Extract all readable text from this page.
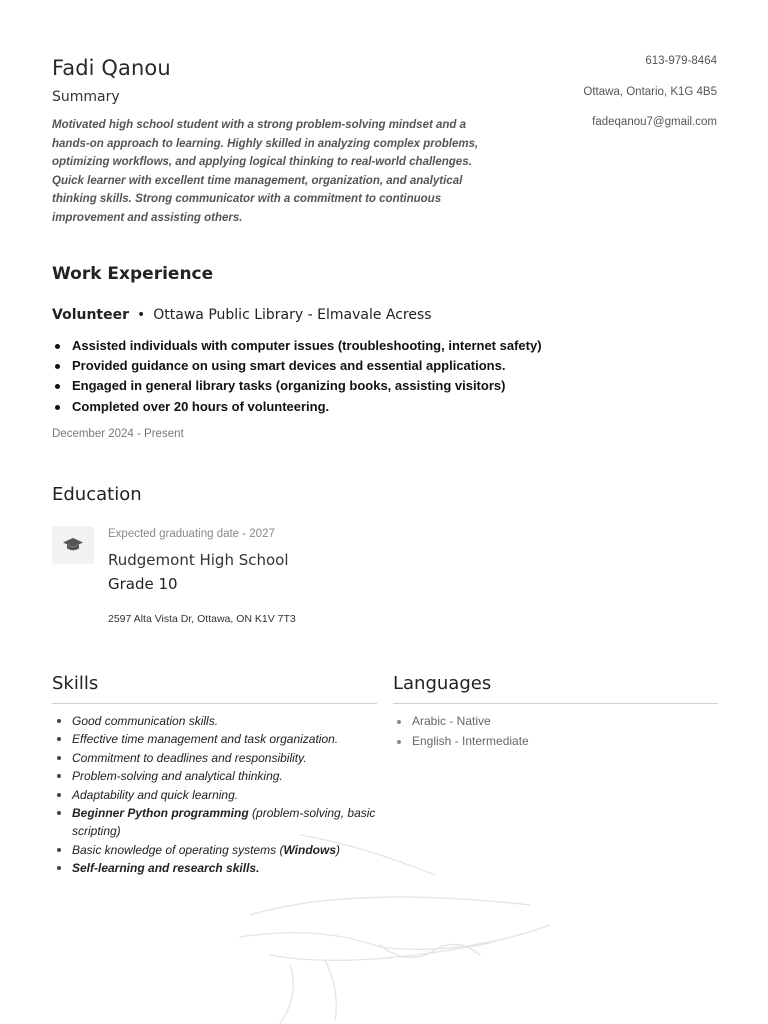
Fadi Qanou
Summary
Motivated high school student with a strong problem-solving mindset and a hands-on approach to learning. Highly skilled in analyzing complex problems, optimizing workflows, and applying logical thinking to real-world challenges. Quick learner with excellent time management, organization, and analytical thinking skills. Strong communicator with a commitment to continuous improvement and assisting others.
613-979-8464
Ottawa, Ontario, K1G 4B5
fadeqanou7@gmail.com
Work Experience
Volunteer • Ottawa Public Library - Elmavale Acress
Assisted individuals with computer issues (troubleshooting, internet safety)
Provided guidance on using smart devices and essential applications.
Engaged in general library tasks (organizing books, assisting visitors)
Completed over 20 hours of volunteering.
December 2024 - Present
Education
Expected graduating date - 2027
Rudgemont High School
Grade 10
2597 Alta Vista Dr, Ottawa, ON K1V 7T3
Skills
Good communication skills.
Effective time management and task organization.
Commitment to deadlines and responsibility.
Problem-solving and analytical thinking.
Adaptability and quick learning.
Beginner Python programming (problem-solving, basic scripting)
Basic knowledge of operating systems (Windows)
Self-learning and research skills.
Languages
Arabic - Native
English - Intermediate
